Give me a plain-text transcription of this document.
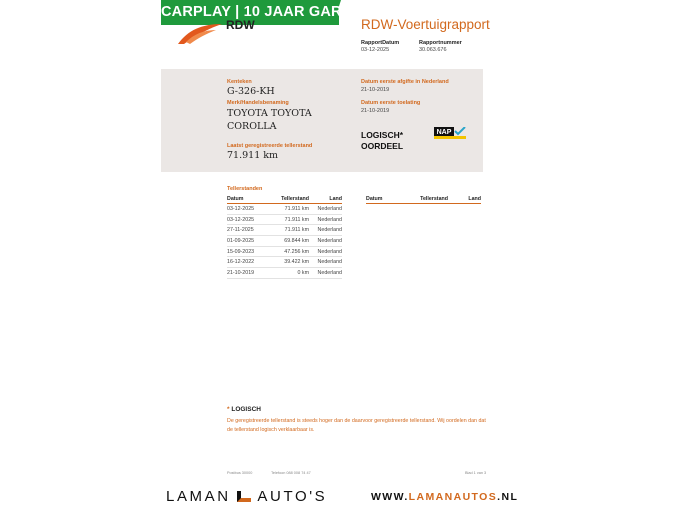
CARPLAY | 10 JAAR GARANTIE
RDW	RDW-Voertuigrapport
RapportDatum
03-12-2025
Rapportnummer
30.063.676
Kenteken
G-326-KH
Merk/Handelsbenaming
TOYOTA TOYOTA
COROLLA
Laatst geregistreerde tellerstand
71.911 km
Datum eerste afgifte in Nederland
21-10-2019
Datum eerste toelating
21-10-2019
LOGISCH*
OORDEEL
NAP
Tellerstanden
Datum	Tellerstand	Land
03-12-2025	71.911 km	Nederland
03-12-2025	71.911 km	Nederland
27-11-2025	71.911 km	Nederland
01-09-2025	69.844 km	Nederland
15-09-2023	47.256 km	Nederland
16-12-2022	39.422 km	Nederland
21-10-2019	0 km	Nederland
Datum	Tellerstand	Land
* LOGISCH
De geregistreerde tellerstand is steeds hoger dan de daarvoor geregistreerde tellerstand. Wij oordelen dan dat de tellerstand logisch verklaarbaar is.
Postbus 30000	Telefoon 088 008 74 47	Blad 1 van 3
LAMAN AUTO'S	WWW.LAMANAUTOS.NL
